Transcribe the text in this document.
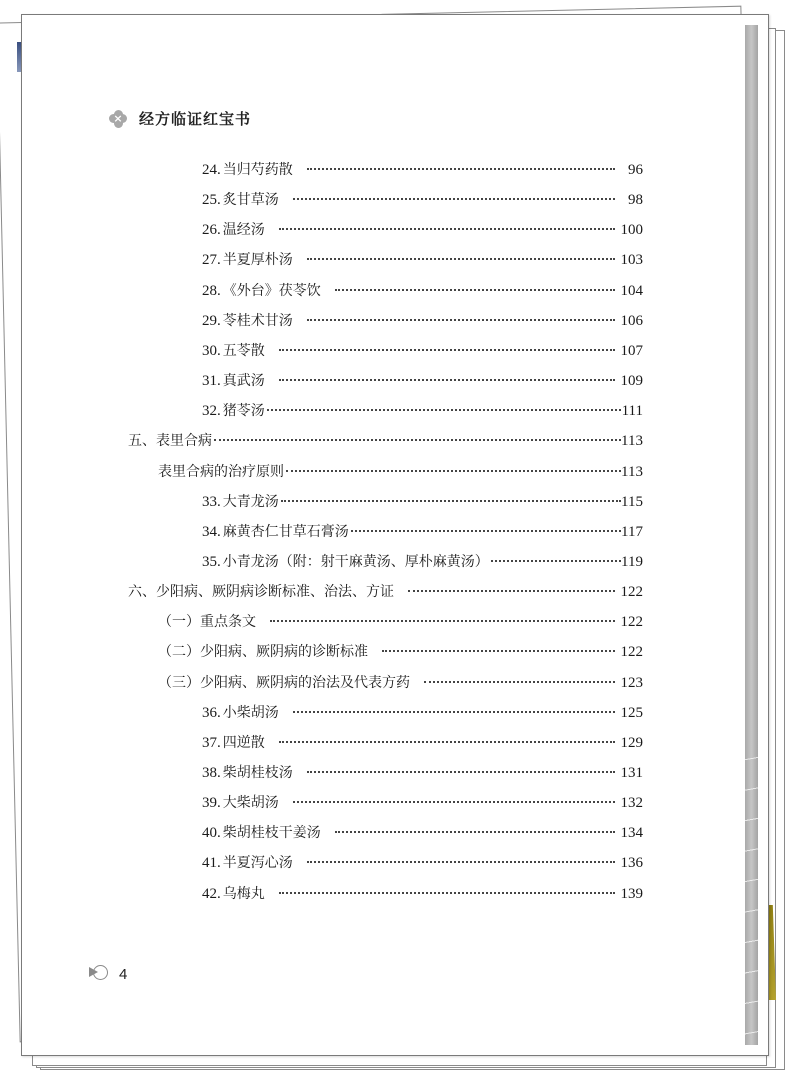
× 经方临证红宝书
24. 当归芍药散	96
25. 炙甘草汤	98
26. 温经汤	100
27. 半夏厚朴汤	103
28. 《外台》茯苓饮	104
29. 苓桂术甘汤	106
30. 五苓散	107
31. 真武汤	109
32. 猪苓汤	111
五、表里合病	113
表里合病的治疗原则	113
33. 大青龙汤	115
34. 麻黄杏仁甘草石膏汤	117
35. 小青龙汤（附：射干麻黄汤、厚朴麻黄汤）	119
六、少阳病、厥阴病诊断标准、治法、方证	122
（一）重点条文	122
（二）少阳病、厥阴病的诊断标准	122
（三）少阳病、厥阴病的治法及代表方药	123
36. 小柴胡汤	125
37. 四逆散	129
38. 柴胡桂枝汤	131
39. 大柴胡汤	132
40. 柴胡桂枝干姜汤	134
41. 半夏泻心汤	136
42. 乌梅丸	139
4
